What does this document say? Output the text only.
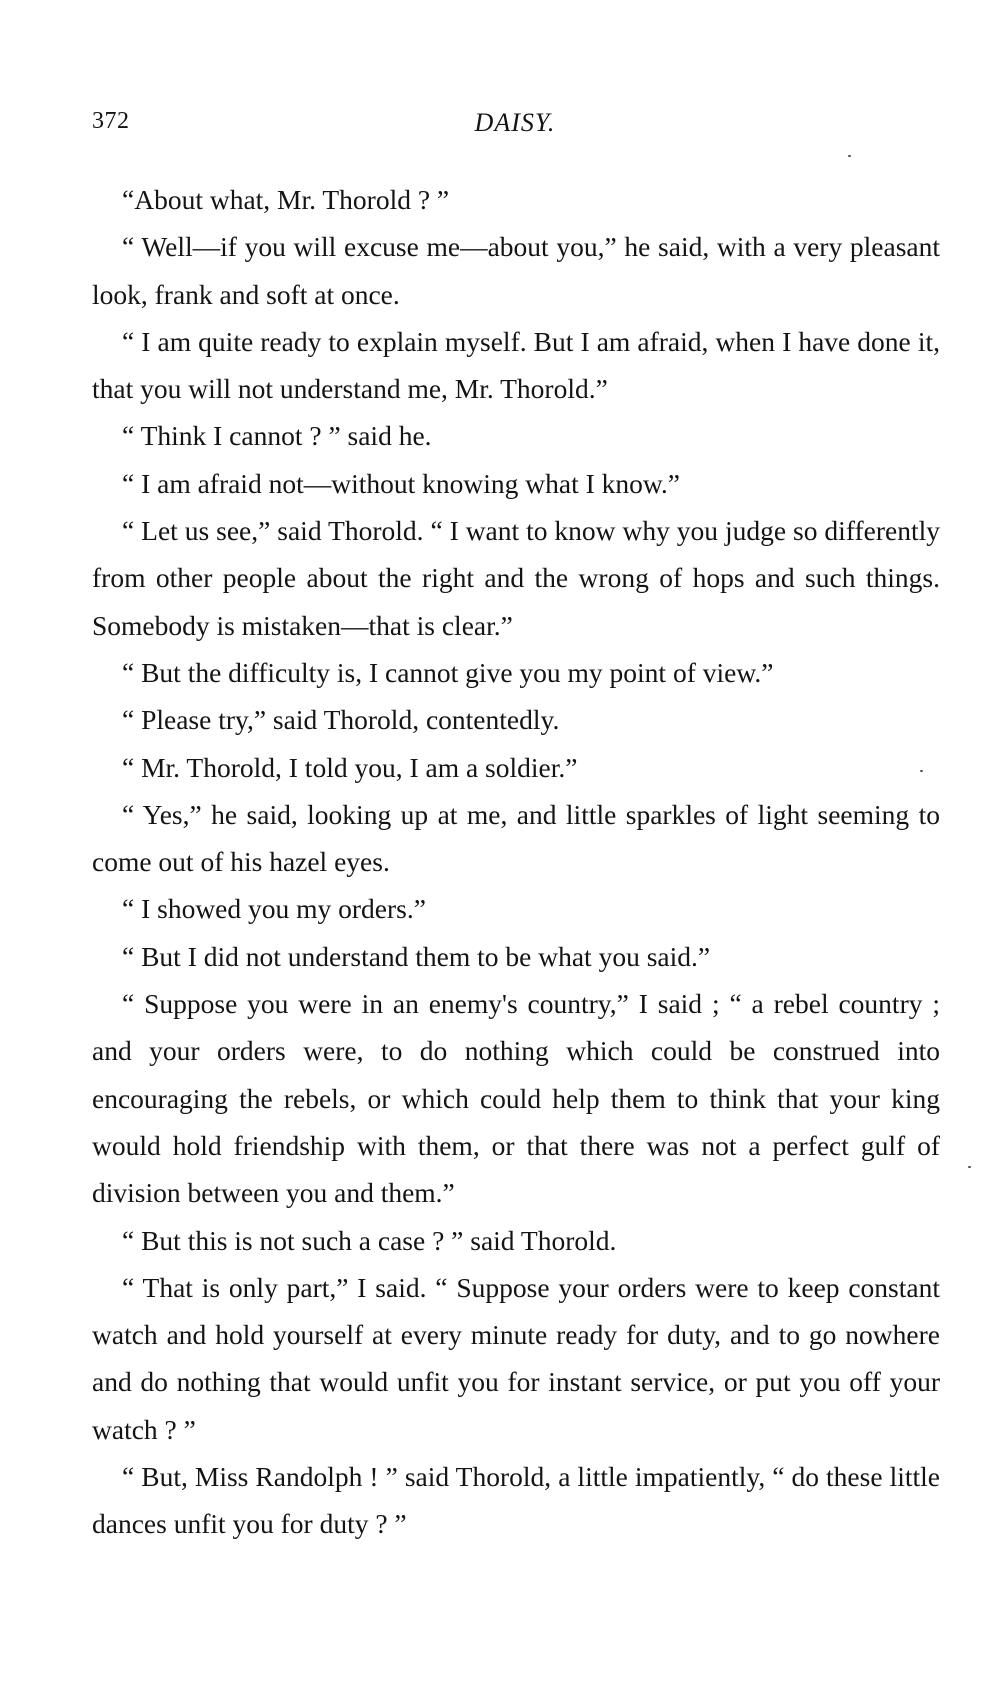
372	DAISY.

“About what, Mr. Thorold ? ”

“ Well—if you will excuse me—about you,” he said, with a very pleasant look, frank and soft at once.

“ I am quite ready to explain myself. But I am afraid, when I have done it, that you will not understand me, Mr. Thorold.”

“ Think I cannot ? ” said he.

“ I am afraid not—without knowing what I know.”

“ Let us see,” said Thorold. “ I want to know why you judge so differently from other people about the right and the wrong of hops and such things. Somebody is mistaken—that is clear.”

“ But the difficulty is, I cannot give you my point of view.”

“ Please try,” said Thorold, contentedly.

“ Mr. Thorold, I told you, I am a soldier.”

“ Yes,” he said, looking up at me, and little sparkles of light seeming to come out of his hazel eyes.

“ I showed you my orders.”

“ But I did not understand them to be what you said.”

“ Suppose you were in an enemy's country,” I said ; “ a rebel country ; and your orders were, to do nothing which could be construed into encouraging the rebels, or which could help them to think that your king would hold friendship with them, or that there was not a perfect gulf of division between you and them.”

“ But this is not such a case ? ” said Thorold.

“ That is only part,” I said. “ Suppose your orders were to keep constant watch and hold yourself at every minute ready for duty, and to go nowhere and do nothing that would unfit you for instant service, or put you off your watch ? ”

“ But, Miss Randolph ! ” said Thorold, a little impatiently, “ do these little dances unfit you for duty ? ”
